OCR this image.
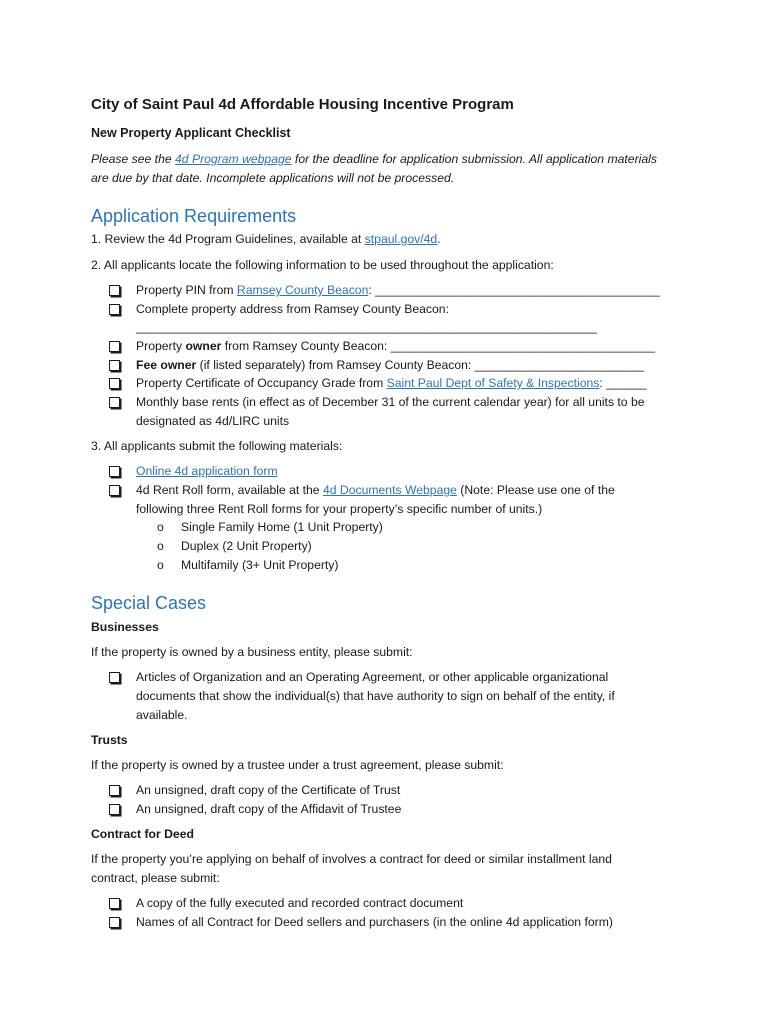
City of Saint Paul 4d Affordable Housing Incentive Program
New Property Applicant Checklist
Please see the 4d Program webpage for the deadline for application submission. All application materials
are due by that date. Incomplete applications will not be processed.
Application Requirements
1. Review the 4d Program Guidelines, available at stpaul.gov/4d.
2. All applicants locate the following information to be used throughout the application:
Property PIN from Ramsey County Beacon: __________________________________________
Complete property address from Ramsey County Beacon:
____________________________________________________________________
Property owner from Ramsey County Beacon: _______________________________________
Fee owner (if listed separately) from Ramsey County Beacon: _________________________
Property Certificate of Occupancy Grade from Saint Paul Dept of Safety & Inspections: ______
Monthly base rents (in effect as of December 31 of the current calendar year) for all units to be
designated as 4d/LIRC units
3. All applicants submit the following materials:
Online 4d application form
4d Rent Roll form, available at the 4d Documents Webpage (Note: Please use one of the
following three Rent Roll forms for your property’s specific number of units.)
o Single Family Home (1 Unit Property)
o Duplex (2 Unit Property)
o Multifamily (3+ Unit Property)
Special Cases
Businesses
If the property is owned by a business entity, please submit:
Articles of Organization and an Operating Agreement, or other applicable organizational
documents that show the individual(s) that have authority to sign on behalf of the entity, if
available.
Trusts
If the property is owned by a trustee under a trust agreement, please submit:
An unsigned, draft copy of the Certificate of Trust
An unsigned, draft copy of the Affidavit of Trustee
Contract for Deed
If the property you’re applying on behalf of involves a contract for deed or similar installment land
contract, please submit:
A copy of the fully executed and recorded contract document
Names of all Contract for Deed sellers and purchasers (in the online 4d application form)
